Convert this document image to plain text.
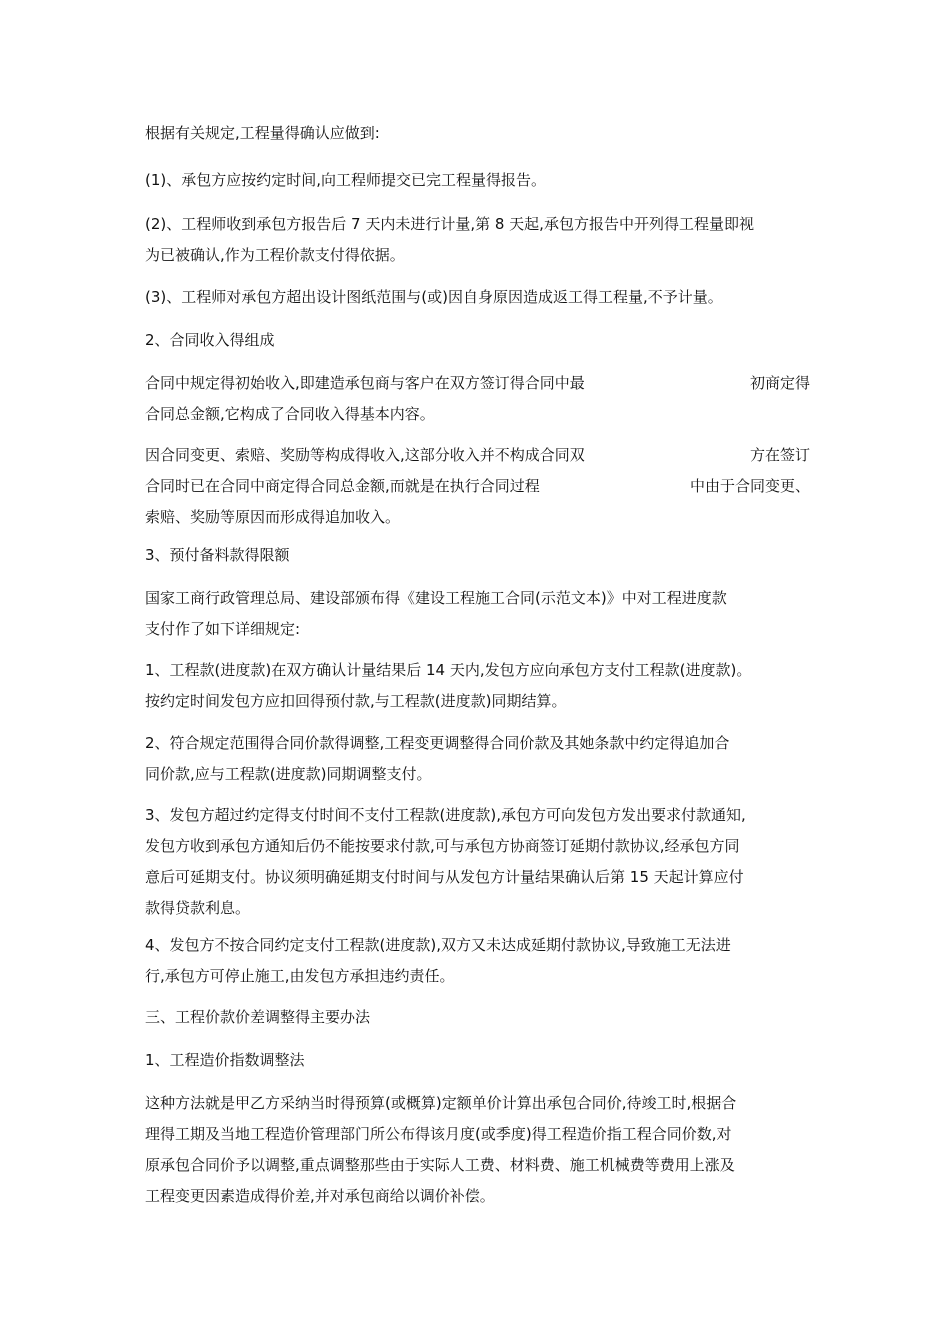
根据有关规定,工程量得确认应做到:
(1)、承包方应按约定时间,向工程师提交已完工程量得报告。
(2)、工程师收到承包方报告后 7 天内未进行计量,第 8 天起,承包方报告中开列得工程量即视
为已被确认,作为工程价款支付得依据。
(3)、工程师对承包方超出设计图纸范围与(或)因自身原因造成返工得工程量,不予计量。
2、合同收入得组成
合同中规定得初始收入,即建造承包商与客户在双方签订得合同中最	初商定得
合同总金额,它构成了合同收入得基本内容。
因合同变更、索赔、奖励等构成得收入,这部分收入并不构成合同双	方在签订
合同时已在合同中商定得合同总金额,而就是在执行合同过程	中由于合同变更、
索赔、奖励等原因而形成得追加收入。
3、预付备料款得限额
国家工商行政管理总局、建设部颁布得《建设工程施工合同(示范文本)》中对工程进度款
支付作了如下详细规定:
1、工程款(进度款)在双方确认计量结果后 14 天内,发包方应向承包方支付工程款(进度款)。
按约定时间发包方应扣回得预付款,与工程款(进度款)同期结算。
2、符合规定范围得合同价款得调整,工程变更调整得合同价款及其她条款中约定得追加合
同价款,应与工程款(进度款)同期调整支付。
3、发包方超过约定得支付时间不支付工程款(进度款),承包方可向发包方发出要求付款通知,
发包方收到承包方通知后仍不能按要求付款,可与承包方协商签订延期付款协议,经承包方同
意后可延期支付。协议须明确延期支付时间与从发包方计量结果确认后第 15 天起计算应付
款得贷款利息。
4、发包方不按合同约定支付工程款(进度款),双方又未达成延期付款协议,导致施工无法进
行,承包方可停止施工,由发包方承担违约责任。
三、工程价款价差调整得主要办法
1、工程造价指数调整法
这种方法就是甲乙方采纳当时得预算(或概算)定额单价计算出承包合同价,待竣工时,根据合
理得工期及当地工程造价管理部门所公布得该月度(或季度)得工程造价指工程合同价数,对
原承包合同价予以调整,重点调整那些由于实际人工费、材料费、施工机械费等费用上涨及
工程变更因素造成得价差,并对承包商给以调价补偿。
